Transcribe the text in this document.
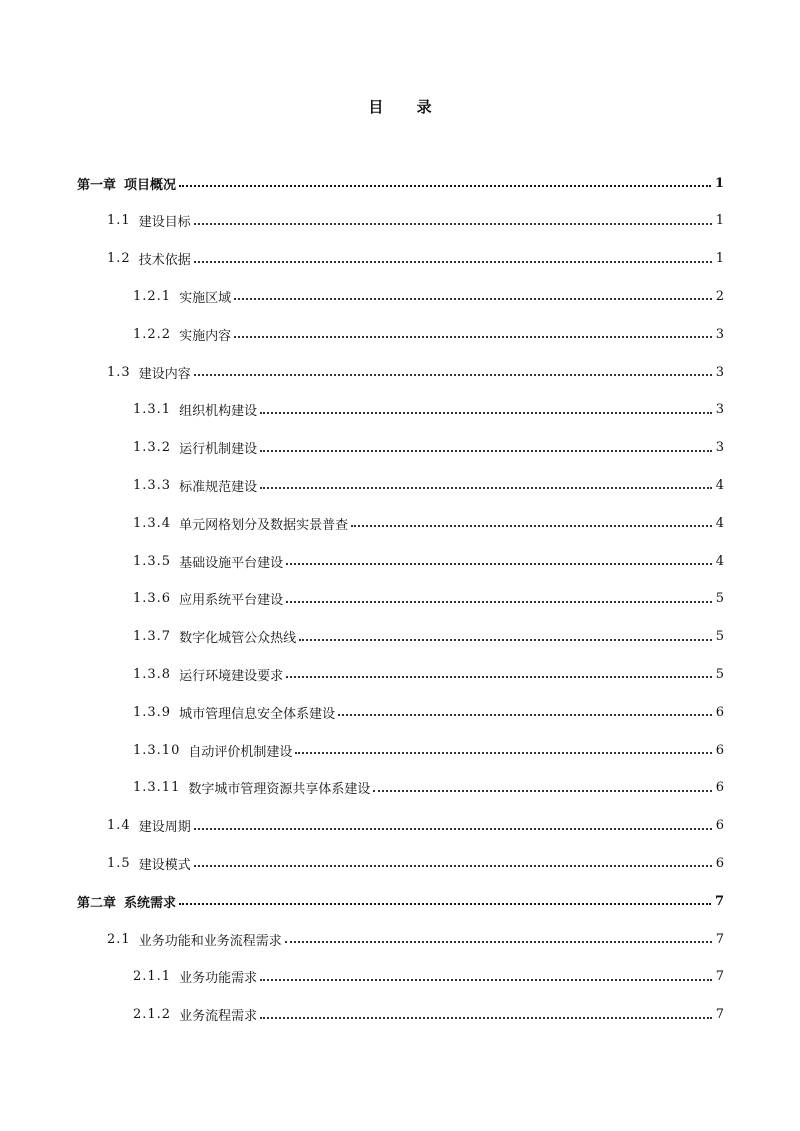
目 录
第一章 项目概况	1
1.1 建设目标	1
1.2 技术依据	1
1.2.1 实施区域	2
1.2.2 实施内容	3
1.3 建设内容	3
1.3.1 组织机构建设	3
1.3.2 运行机制建设	3
1.3.3 标准规范建设	4
1.3.4 单元网格划分及数据实景普查	4
1.3.5 基础设施平台建设	4
1.3.6 应用系统平台建设	5
1.3.7 数字化城管公众热线	5
1.3.8 运行环境建设要求	5
1.3.9 城市管理信息安全体系建设	6
1.3.10 自动评价机制建设	6
1.3.11 数字城市管理资源共享体系建设	6
1.4 建设周期	6
1.5 建设模式	6
第二章 系统需求	7
2.1 业务功能和业务流程需求	7
2.1.1 业务功能需求	7
2.1.2 业务流程需求	7
